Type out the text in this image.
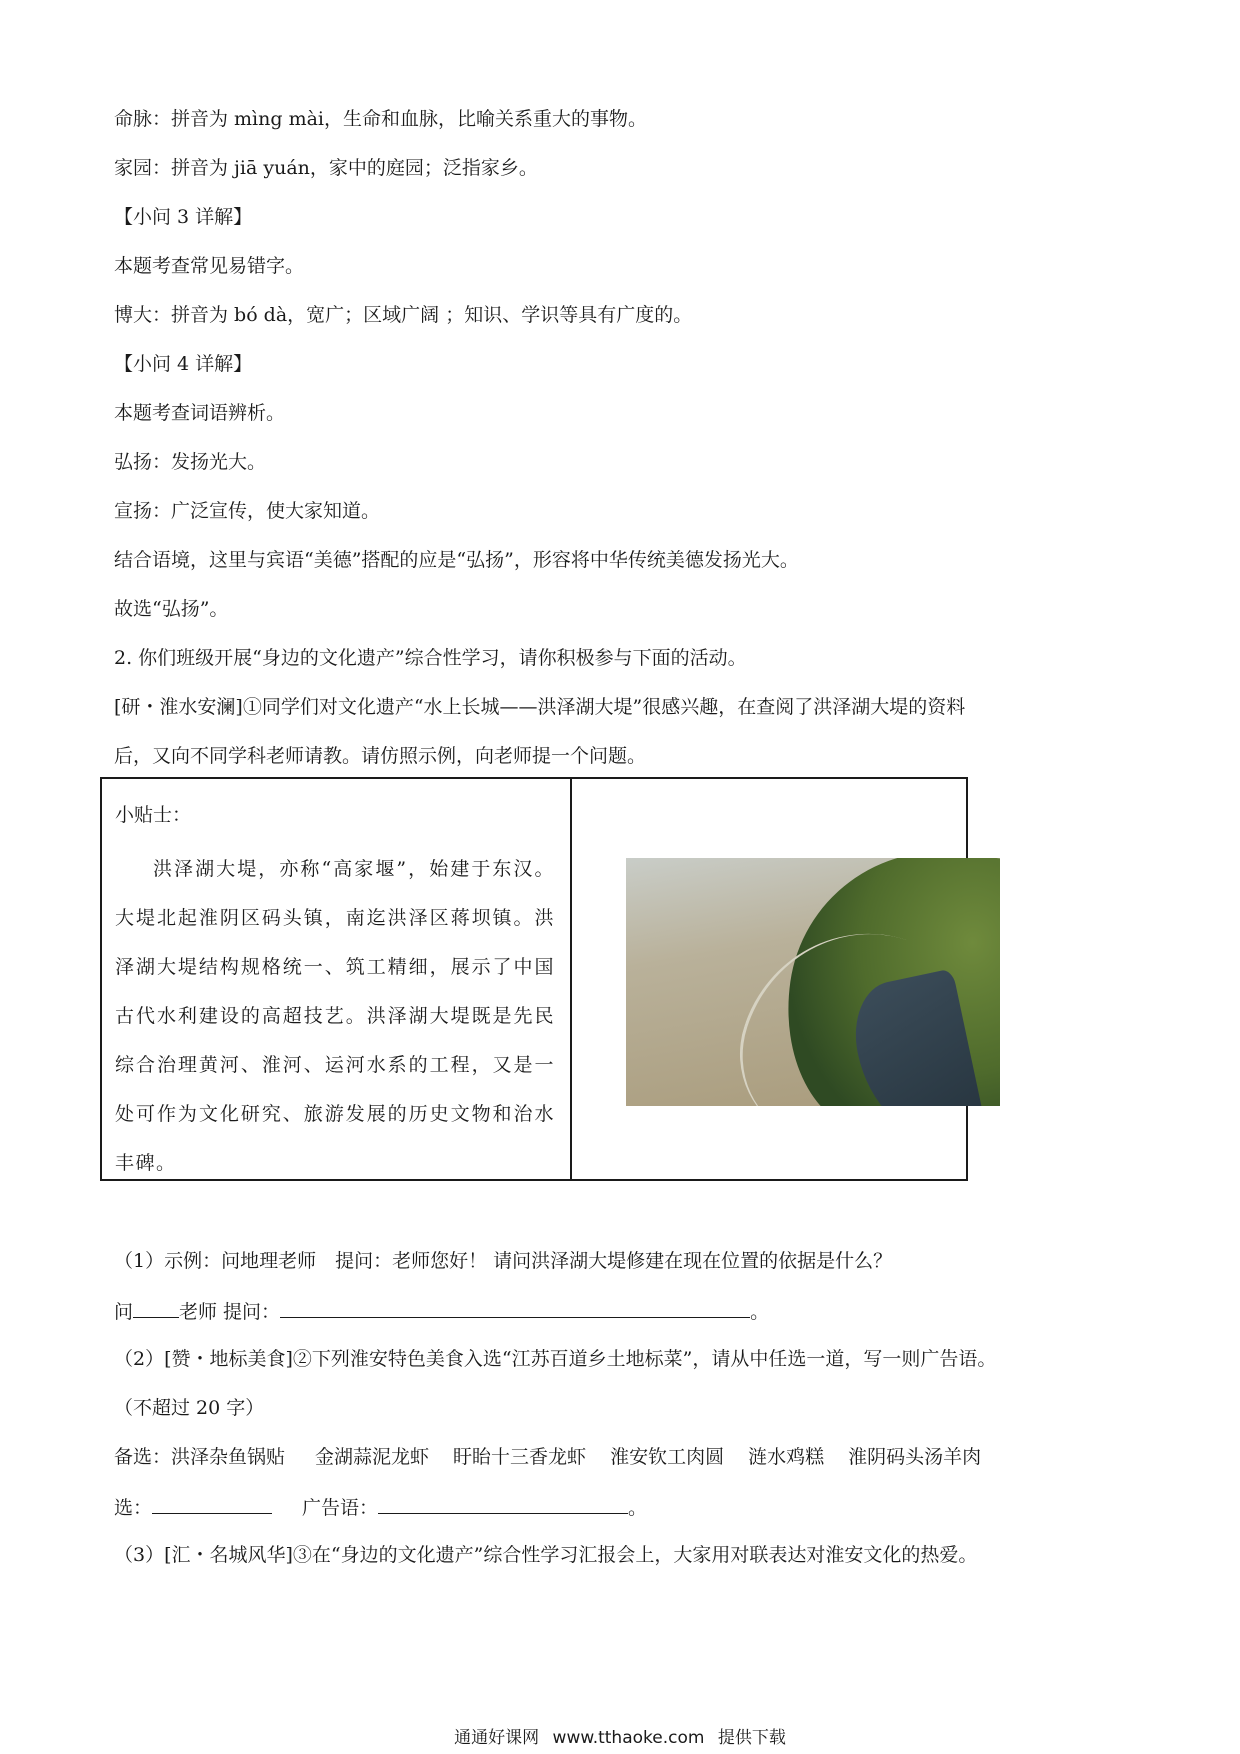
命脉：拼音为 mìng mài，生命和血脉，比喻关系重大的事物。
家园：拼音为 jiā yuán，家中的庭园；泛指家乡。
【小问 3 详解】
本题考查常见易错字。
博大：拼音为 bó dà，宽广；区域广阔 ；知识、学识等具有广度的。
【小问 4 详解】
本题考查词语辨析。
弘扬：发扬光大。
宣扬：广泛宣传，使大家知道。
结合语境，这里与宾语“美德”搭配的应是“弘扬”，形容将中华传统美德发扬光大。
故选“弘扬”。
2. 你们班级开展“身边的文化遗产”综合性学习，请你积极参与下面的活动。
[研・淮水安澜]①同学们对文化遗产“水上长城——洪泽湖大堤”很感兴趣，在查阅了洪泽湖大堤的资料
后，又向不同学科老师请教。请仿照示例，向老师提一个问题。
小贴士：

洪泽湖大堤，亦称“高家堰”，始建于东汉。大堤北起淮阴区码头镇，南迄洪泽区蒋坝镇。洪泽湖大堤结构规格统一、筑工精细，展示了中国古代水利建设的高超技艺。洪泽湖大堤既是先民综合治理黄河、淮河、运河水系的工程，又是一处可作为文化研究、旅游发展的历史文物和治水丰碑。

（1）示例：问地理老师　提问：老师您好！ 请问洪泽湖大堤修建在现在位置的依据是什么？
问 老师 提问：	。
（2）[赞・地标美食]②下列淮安特色美食入选“江苏百道乡土地标菜”，请从中任选一道，写一则广告语。
（不超过 20 字）
备选：洪泽杂鱼锅贴 金湖蒜泥龙虾 盱眙十三香龙虾 淮安钦工肉圆 涟水鸡糕 淮阴码头汤羊肉
选：	广告语：	。
（3）[汇・名城风华]③在“身边的文化遗产”综合性学习汇报会上，大家用对联表达对淮安文化的热爱。
通通好课网 www.tthaoke.com 提供下载
